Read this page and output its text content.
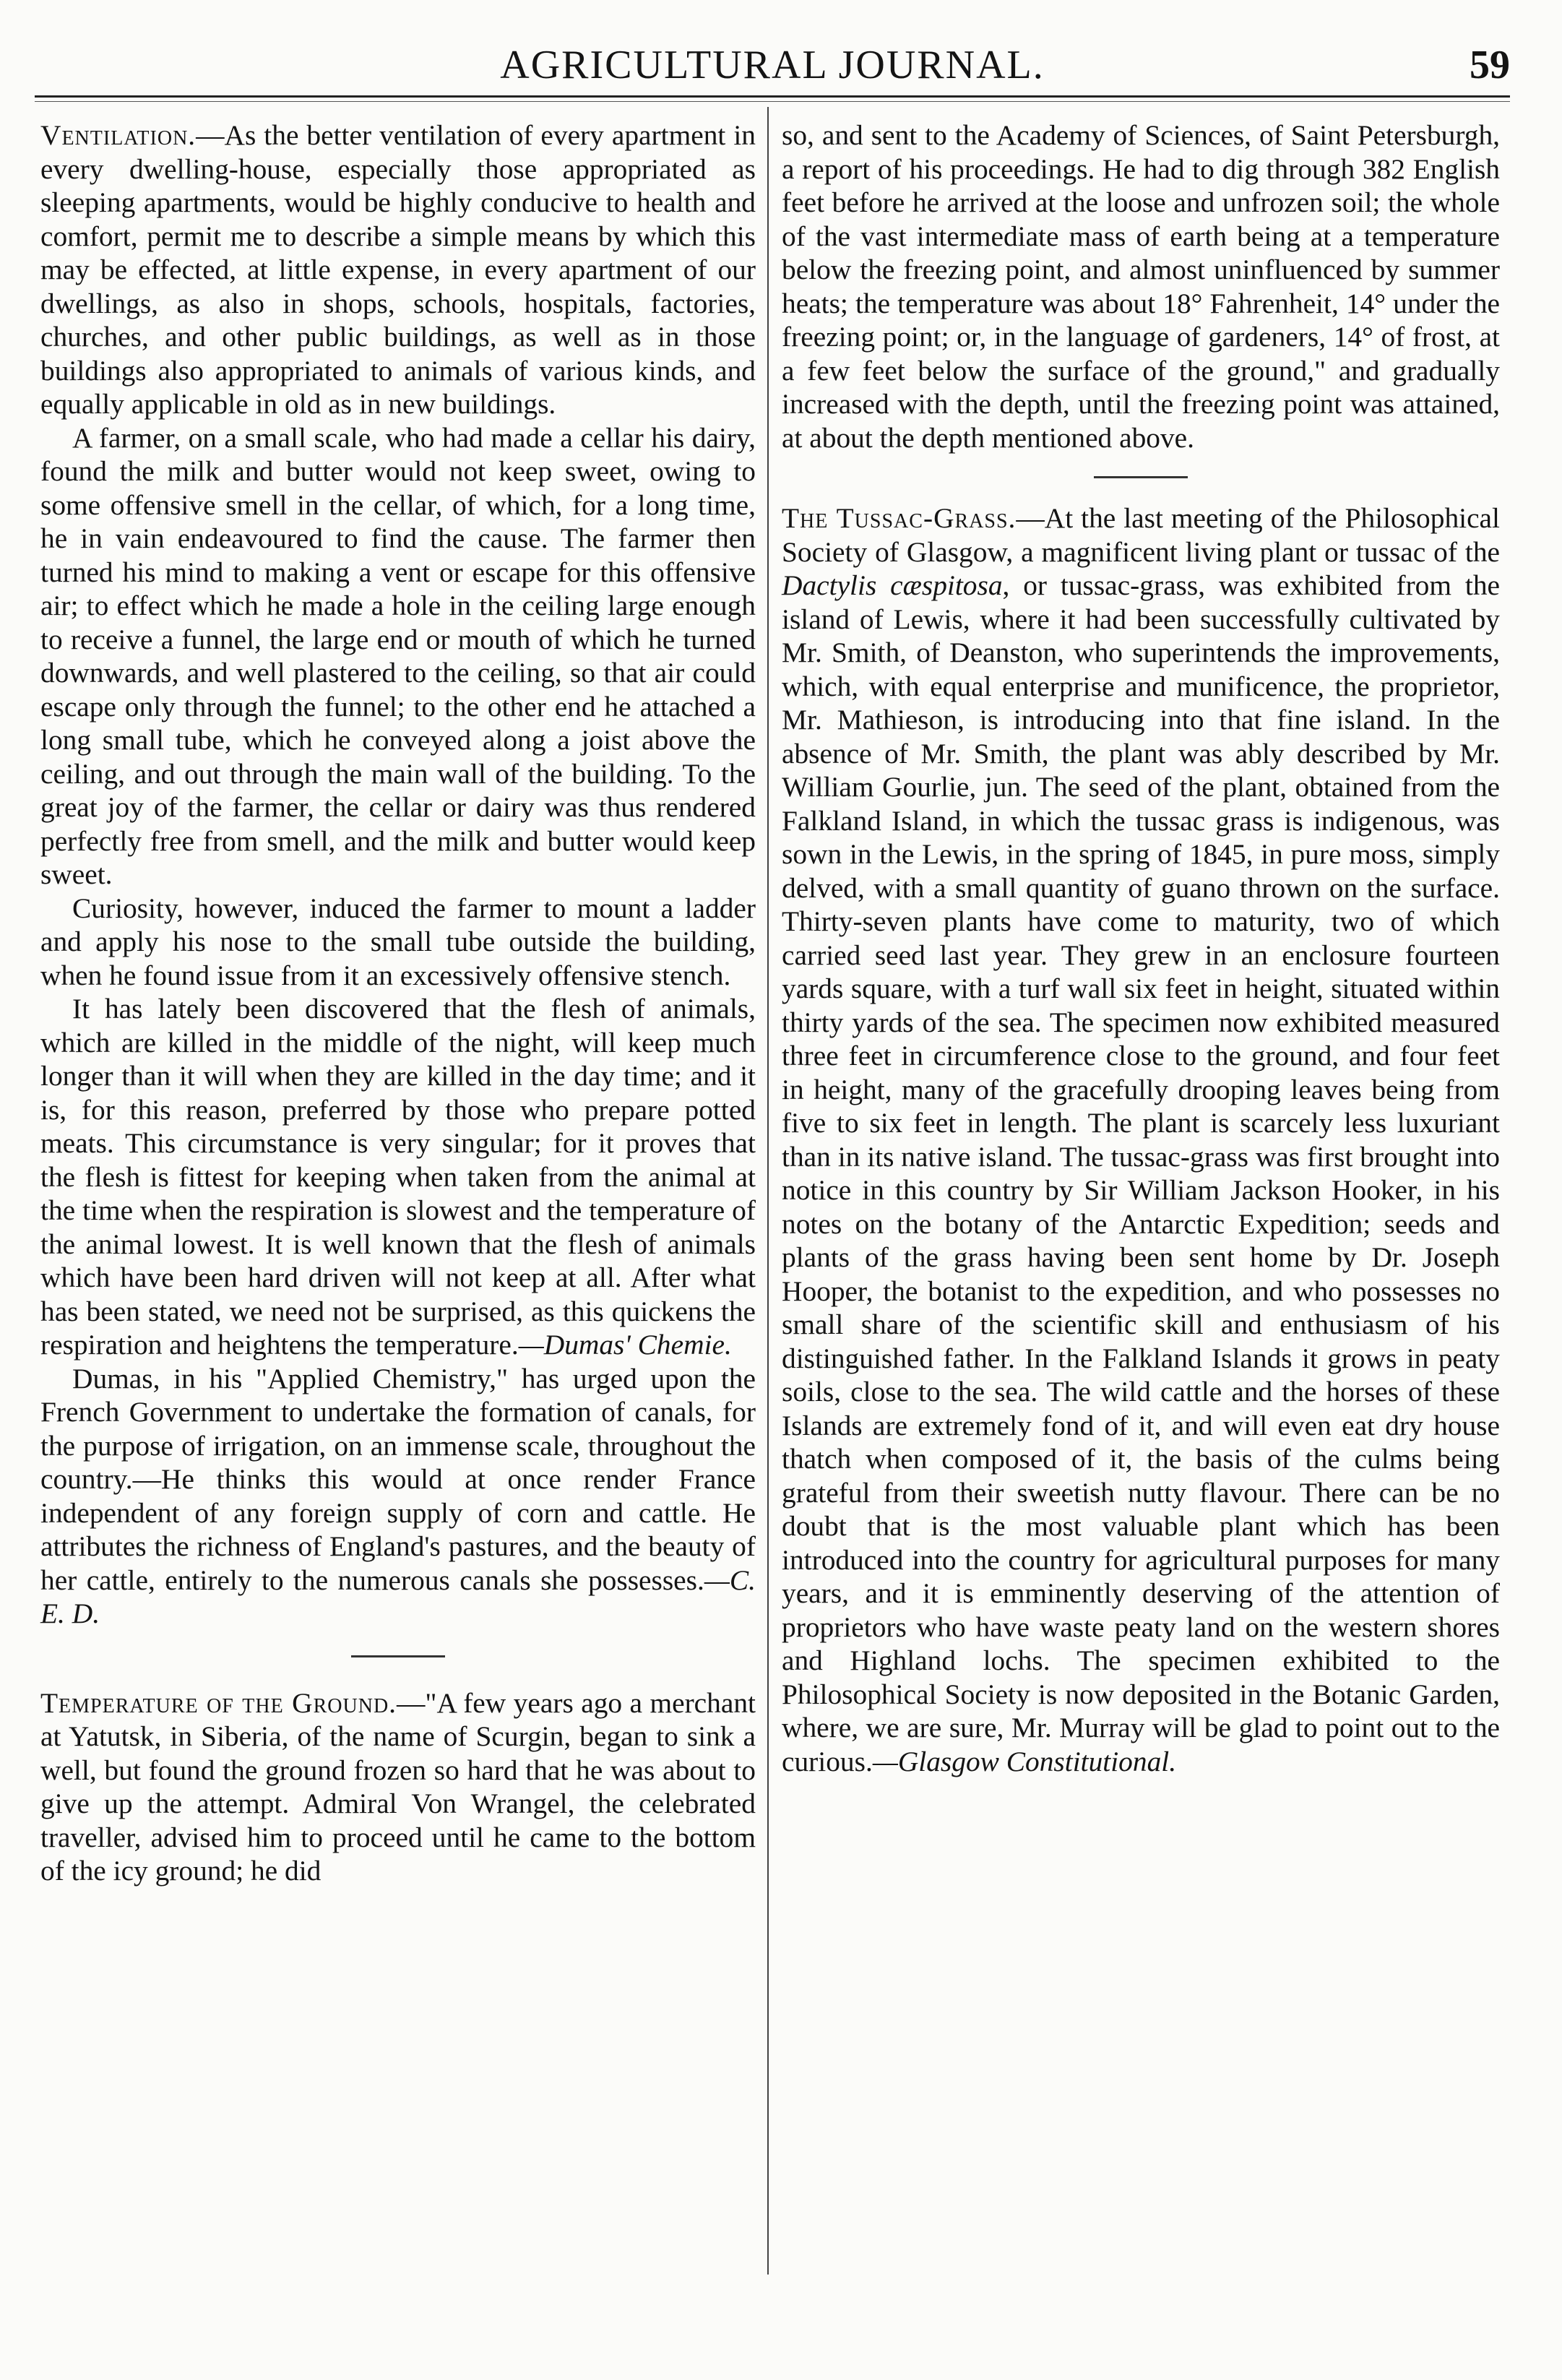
AGRICULTURAL JOURNAL.	59

Ventilation.—As the better ventilation of every apartment in every dwelling-house, especially those appropriated as sleeping apartments, would be highly conducive to health and comfort, permit me to describe a simple means by which this may be effected, at little expense, in every apartment of our dwellings, as also in shops, schools, hospitals, factories, churches, and other public buildings, as well as in those buildings also appropriated to animals of various kinds, and equally applicable in old as in new buildings.

A farmer, on a small scale, who had made a cellar his dairy, found the milk and butter would not keep sweet, owing to some offensive smell in the cellar, of which, for a long time, he in vain endeavoured to find the cause. The farmer then turned his mind to making a vent or escape for this offensive air; to effect which he made a hole in the ceiling large enough to receive a funnel, the large end or mouth of which he turned downwards, and well plastered to the ceiling, so that air could escape only through the funnel; to the other end he attached a long small tube, which he conveyed along a joist above the ceiling, and out through the main wall of the building. To the great joy of the farmer, the cellar or dairy was thus rendered perfectly free from smell, and the milk and butter would keep sweet.

Curiosity, however, induced the farmer to mount a ladder and apply his nose to the small tube outside the building, when he found issue from it an excessively offensive stench.

It has lately been discovered that the flesh of animals, which are killed in the middle of the night, will keep much longer than it will when they are killed in the day time; and it is, for this reason, preferred by those who prepare potted meats. This circumstance is very singular; for it proves that the flesh is fittest for keeping when taken from the animal at the time when the respiration is slowest and the temperature of the animal lowest. It is well known that the flesh of animals which have been hard driven will not keep at all. After what has been stated, we need not be surprised, as this quickens the respiration and heightens the temperature.—Dumas' Chemie.

Dumas, in his "Applied Chemistry," has urged upon the French Government to undertake the formation of canals, for the purpose of irrigation, on an immense scale, throughout the country.—He thinks this would at once render France independent of any foreign supply of corn and cattle. He attributes the richness of England's pastures, and the beauty of her cattle, entirely to the numerous canals she possesses.—C. E. D.

Temperature of the Ground.—"A few years ago a merchant at Yatutsk, in Siberia, of the name of Scurgin, began to sink a well, but found the ground frozen so hard that he was about to give up the attempt. Admiral Von Wrangel, the celebrated traveller, advised him to proceed until he came to the bottom of the icy ground; he did

so, and sent to the Academy of Sciences, of Saint Petersburgh, a report of his proceedings. He had to dig through 382 English feet before he arrived at the loose and unfrozen soil; the whole of the vast intermediate mass of earth being at a temperature below the freezing point, and almost uninfluenced by summer heats; the temperature was about 18° Fahrenheit, 14° under the freezing point; or, in the language of gardeners, 14° of frost, at a few feet below the surface of the ground," and gradually increased with the depth, until the freezing point was attained, at about the depth mentioned above.

The Tussac-Grass.—At the last meeting of the Philosophical Society of Glasgow, a magnificent living plant or tussac of the Dactylis cæspitosa, or tussac-grass, was exhibited from the island of Lewis, where it had been successfully cultivated by Mr. Smith, of Deanston, who superintends the improvements, which, with equal enterprise and munificence, the proprietor, Mr. Mathieson, is introducing into that fine island. In the absence of Mr. Smith, the plant was ably described by Mr. William Gourlie, jun. The seed of the plant, obtained from the Falkland Island, in which the tussac grass is indigenous, was sown in the Lewis, in the spring of 1845, in pure moss, simply delved, with a small quantity of guano thrown on the surface. Thirty-seven plants have come to maturity, two of which carried seed last year. They grew in an enclosure fourteen yards square, with a turf wall six feet in height, situated within thirty yards of the sea. The specimen now exhibited measured three feet in circumference close to the ground, and four feet in height, many of the gracefully drooping leaves being from five to six feet in length. The plant is scarcely less luxuriant than in its native island. The tussac-grass was first brought into notice in this country by Sir William Jackson Hooker, in his notes on the botany of the Antarctic Expedition; seeds and plants of the grass having been sent home by Dr. Joseph Hooper, the botanist to the expedition, and who possesses no small share of the scientific skill and enthusiasm of his distinguished father. In the Falkland Islands it grows in peaty soils, close to the sea. The wild cattle and the horses of these Islands are extremely fond of it, and will even eat dry house thatch when composed of it, the basis of the culms being grateful from their sweetish nutty flavour. There can be no doubt that is the most valuable plant which has been introduced into the country for agricultural purposes for many years, and it is emminently deserving of the attention of proprietors who have waste peaty land on the western shores and Highland lochs. The specimen exhibited to the Philosophical Society is now deposited in the Botanic Garden, where, we are sure, Mr. Murray will be glad to point out to the curious.—Glasgow Constitutional.
